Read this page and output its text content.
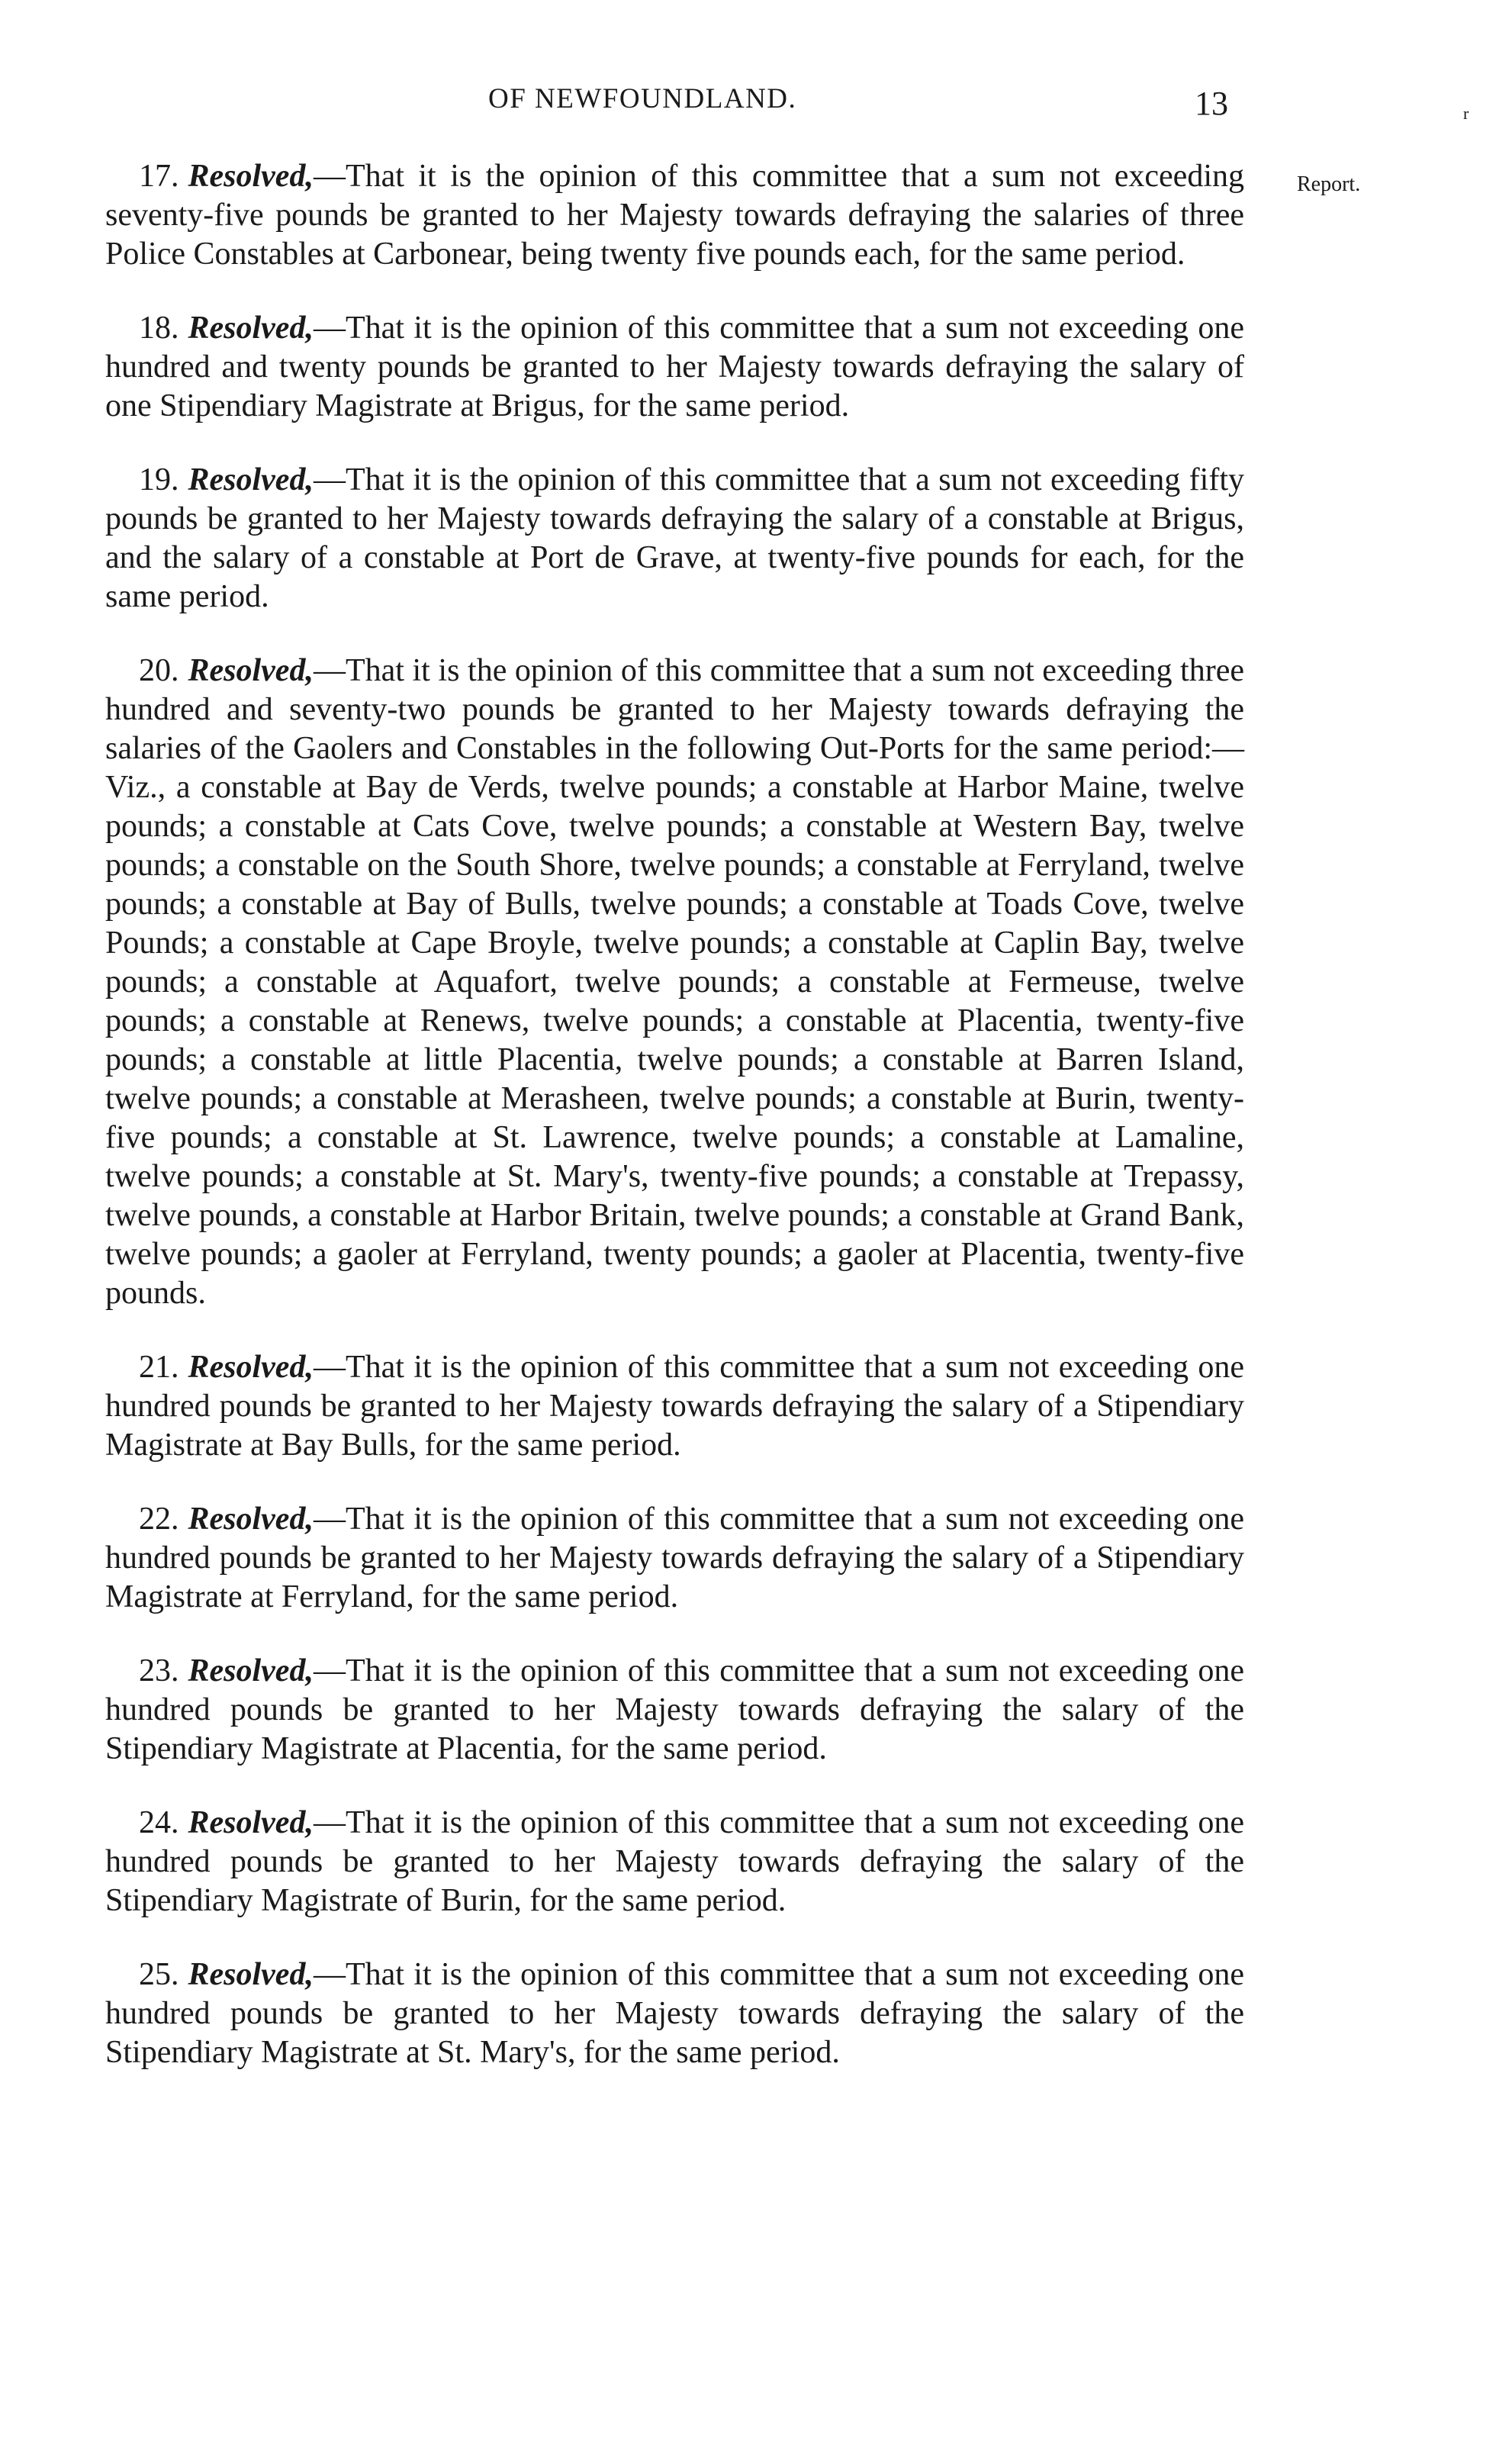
OF NEWFOUNDLAND.	13	r
Report.

17. Resolved,—That it is the opinion of this committee that a sum not exceeding seventy-five pounds be granted to her Majesty towards defraying the salaries of three Police Constables at Carbonear, being twenty five pounds each, for the same period.

18. Resolved,—That it is the opinion of this committee that a sum not exceeding one hundred and twenty pounds be granted to her Majesty towards defraying the salary of one Stipendiary Magistrate at Brigus, for the same period.

19. Resolved,—That it is the opinion of this committee that a sum not exceeding fifty pounds be granted to her Majesty towards defraying the salary of a constable at Brigus, and the salary of a constable at Port de Grave, at twenty-five pounds for each, for the same period.

20. Resolved,—That it is the opinion of this committee that a sum not exceeding three hundred and seventy-two pounds be granted to her Majesty towards defraying the salaries of the Gaolers and Constables in the following Out-Ports for the same period:—Viz., a constable at Bay de Verds, twelve pounds; a constable at Harbor Maine, twelve pounds; a constable at Cats Cove, twelve pounds; a constable at Western Bay, twelve pounds; a constable on the South Shore, twelve pounds; a constable at Ferryland, twelve pounds; a constable at Bay of Bulls, twelve pounds; a constable at Toads Cove, twelve Pounds; a constable at Cape Broyle, twelve pounds; a constable at Caplin Bay, twelve pounds; a constable at Aquafort, twelve pounds; a constable at Fermeuse, twelve pounds; a constable at Renews, twelve pounds; a constable at Placentia, twenty-five pounds; a constable at little Placentia, twelve pounds; a constable at Barren Island, twelve pounds; a constable at Merasheen, twelve pounds; a constable at Burin, twenty-five pounds; a constable at St. Lawrence, twelve pounds; a constable at Lamaline, twelve pounds; a constable at St. Mary's, twenty-five pounds; a constable at Trepassy, twelve pounds, a constable at Harbor Britain, twelve pounds; a constable at Grand Bank, twelve pounds; a gaoler at Ferryland, twenty pounds; a gaoler at Placentia, twenty-five pounds.

21. Resolved,—That it is the opinion of this committee that a sum not exceeding one hundred pounds be granted to her Majesty towards defraying the salary of a Stipendiary Magistrate at Bay Bulls, for the same period.

22. Resolved,—That it is the opinion of this committee that a sum not exceeding one hundred pounds be granted to her Majesty towards defraying the salary of a Stipendiary Magistrate at Ferryland, for the same period.

23. Resolved,—That it is the opinion of this committee that a sum not exceeding one hundred pounds be granted to her Majesty towards defraying the salary of the Stipendiary Magistrate at Placentia, for the same period.

24. Resolved,—That it is the opinion of this committee that a sum not exceeding one hundred pounds be granted to her Majesty towards defraying the salary of the Stipendiary Magistrate of Burin, for the same period.

25. Resolved,—That it is the opinion of this committee that a sum not exceeding one hundred pounds be granted to her Majesty towards defraying the salary of the Stipendiary Magistrate at St. Mary's, for the same period.
